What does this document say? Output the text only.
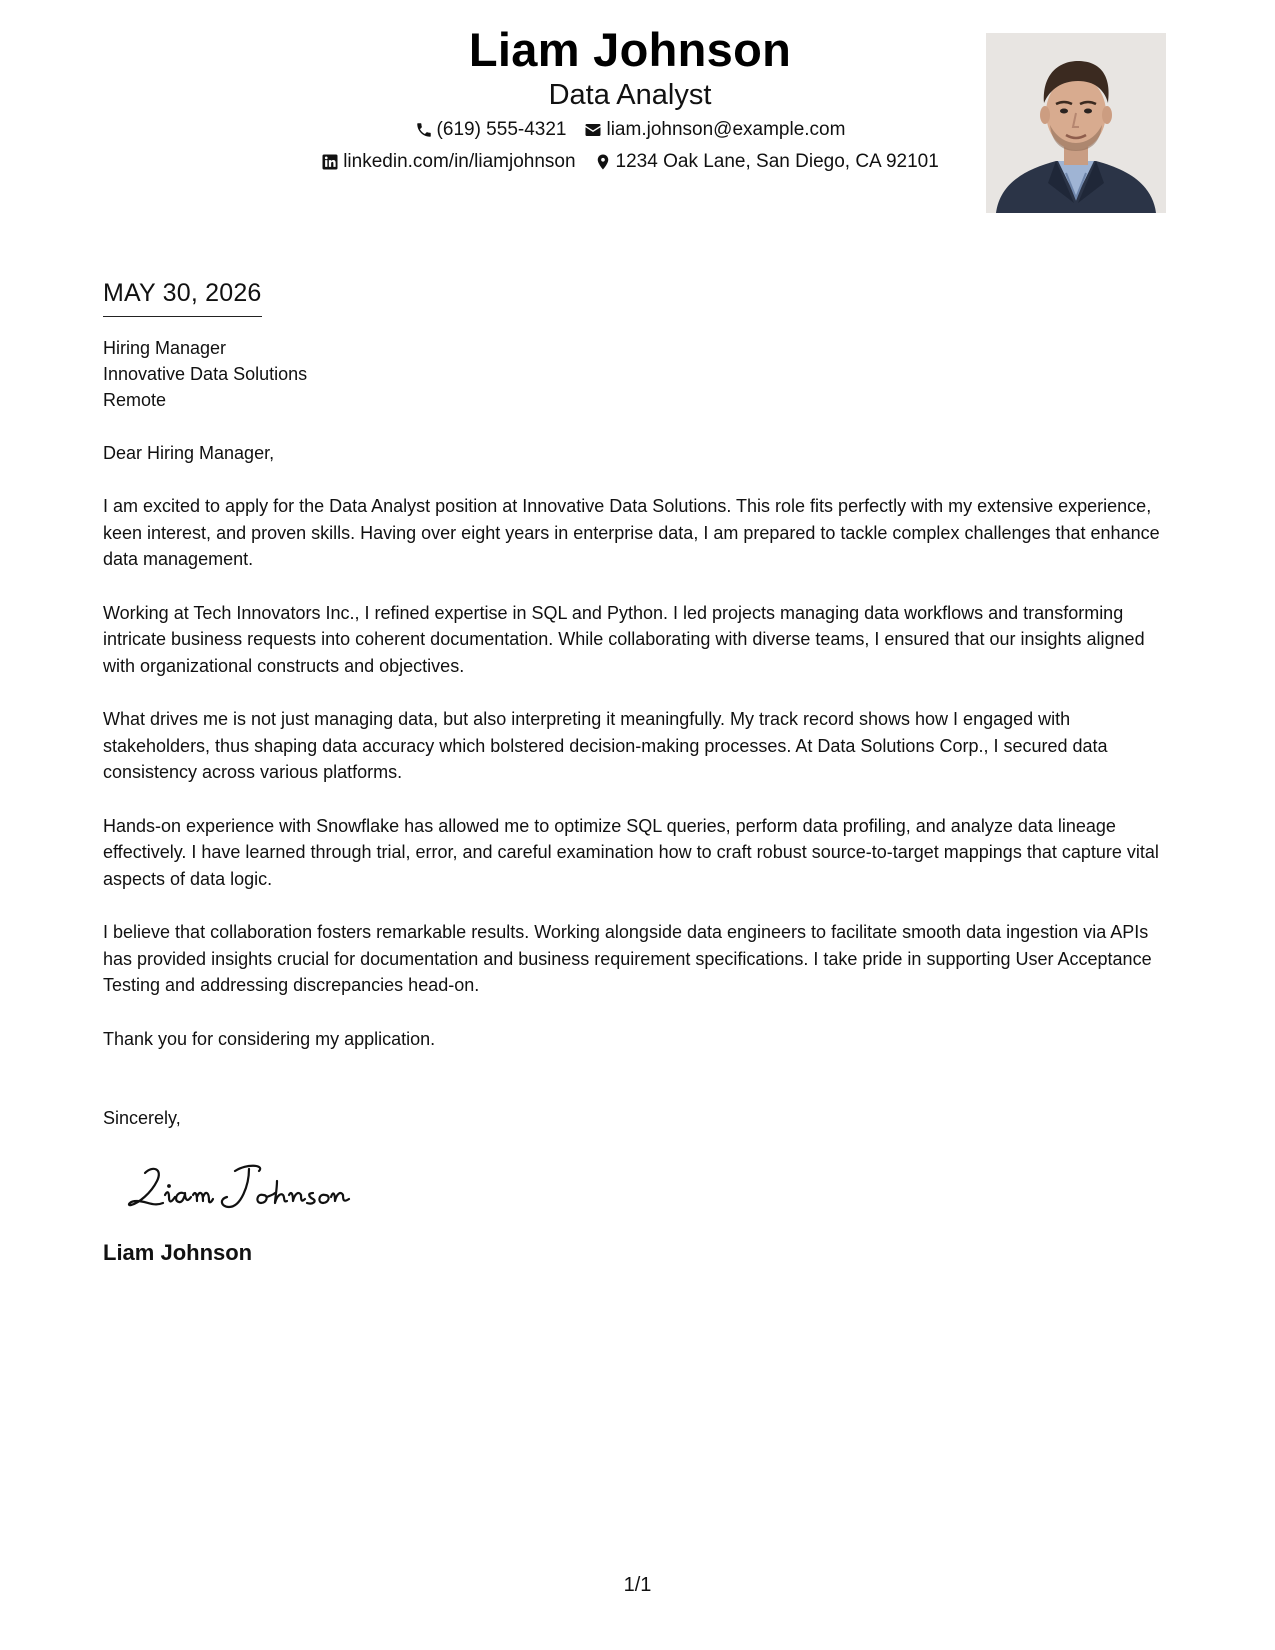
Liam Johnson
Data Analyst
(619) 555-4321 liam.johnson@example.com
linkedin.com/in/liamjohnson 1234 Oak Lane, San Diego, CA 92101
MAY 30, 2026
Hiring Manager
Innovative Data Solutions
Remote
Dear Hiring Manager,

I am excited to apply for the Data Analyst position at Innovative Data Solutions. This role fits perfectly with my extensive experience, keen interest, and proven skills. Having over eight years in enterprise data, I am prepared to tackle complex challenges that enhance data management.

Working at Tech Innovators Inc., I refined expertise in SQL and Python. I led projects managing data workflows and transforming intricate business requests into coherent documentation. While collaborating with diverse teams, I ensured that our insights aligned with organizational constructs and objectives.

What drives me is not just managing data, but also interpreting it meaningfully. My track record shows how I engaged with stakeholders, thus shaping data accuracy which bolstered decision-making processes. At Data Solutions Corp., I secured data consistency across various platforms.

Hands-on experience with Snowflake has allowed me to optimize SQL queries, perform data profiling, and analyze data lineage effectively. I have learned through trial, error, and careful examination how to craft robust source-to-target mappings that capture vital aspects of data logic.

I believe that collaboration fosters remarkable results. Working alongside data engineers to facilitate smooth data ingestion via APIs has provided insights crucial for documentation and business requirement specifications. I take pride in supporting User Acceptance Testing and addressing discrepancies head-on.

Thank you for considering my application.

Sincerely,
Liam Johnson
1/1
